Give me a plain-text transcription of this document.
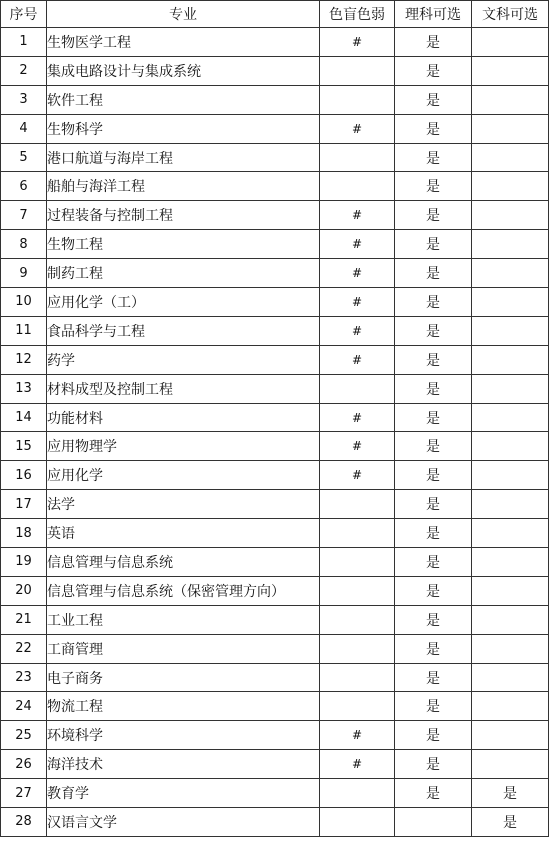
序号	专业	色盲色弱	理科可选	文科可选
1	生物医学工程	#	是	
2	集成电路设计与集成系统		是	
3	软件工程		是	
4	生物科学	#	是	
5	港口航道与海岸工程		是	
6	船舶与海洋工程		是	
7	过程装备与控制工程	#	是	
8	生物工程	#	是	
9	制药工程	#	是	
10	应用化学（工）	#	是	
11	食品科学与工程	#	是	
12	药学	#	是	
13	材料成型及控制工程		是	
14	功能材料	#	是	
15	应用物理学	#	是	
16	应用化学	#	是	
17	法学		是	
18	英语		是	
19	信息管理与信息系统		是	
20	信息管理与信息系统（保密管理方向）		是	
21	工业工程		是	
22	工商管理		是	
23	电子商务		是	
24	物流工程		是	
25	环境科学	#	是	
26	海洋技术	#	是	
27	教育学		是	是
28	汉语言文学			是
